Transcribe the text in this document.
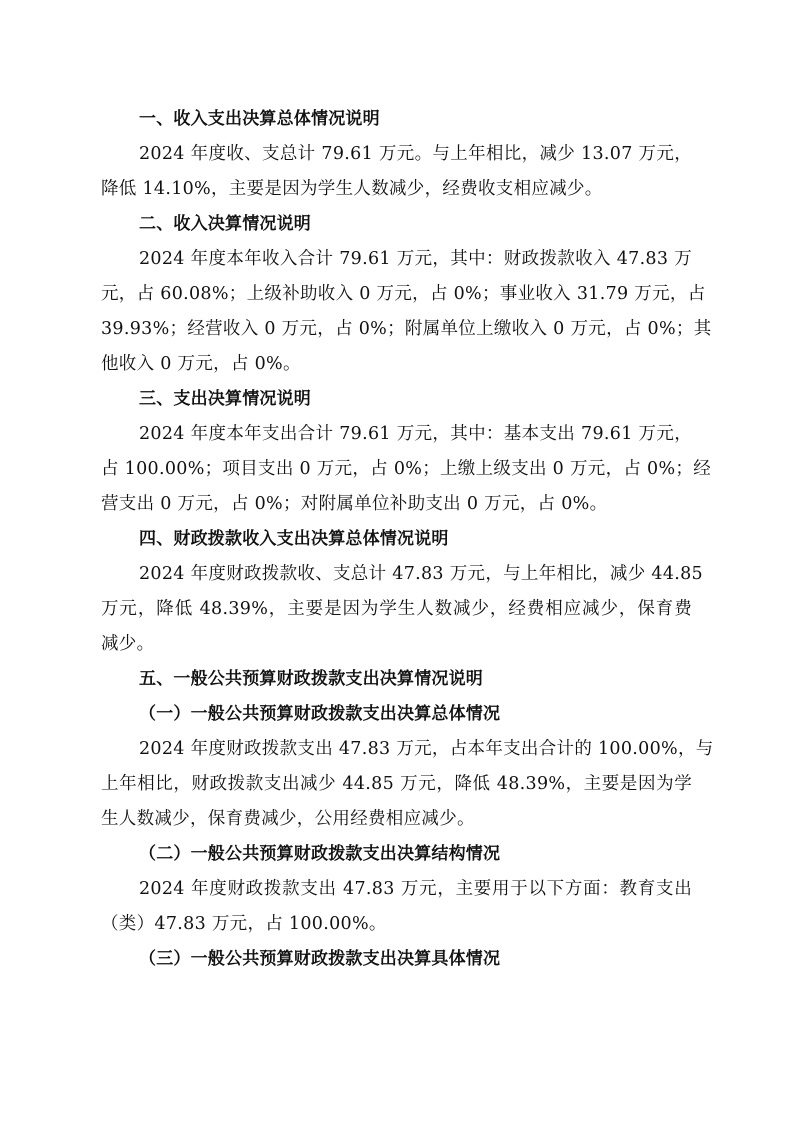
一、收入支出决算总体情况说明
2024 年度收、支总计 79.61 万元。与上年相比，减少 13.07 万元，
降低 14.10%，主要是因为学生人数减少，经费收支相应减少。
二、收入决算情况说明
2024 年度本年收入合计 79.61 万元，其中：财政拨款收入 47.83 万
元，占 60.08%；上级补助收入 0 万元，占 0%；事业收入 31.79 万元，占
39.93%；经营收入 0 万元，占 0%；附属单位上缴收入 0 万元，占 0%；其
他收入 0 万元，占 0%。
三、支出决算情况说明
2024 年度本年支出合计 79.61 万元，其中：基本支出 79.61 万元，
占 100.00%；项目支出 0 万元，占 0%；上缴上级支出 0 万元，占 0%；经
营支出 0 万元，占 0%；对附属单位补助支出 0 万元，占 0%。
四、财政拨款收入支出决算总体情况说明
2024 年度财政拨款收、支总计 47.83 万元，与上年相比，减少 44.85
万元，降低 48.39%，主要是因为学生人数减少，经费相应减少，保育费
减少。
五、一般公共预算财政拨款支出决算情况说明
（一）一般公共预算财政拨款支出决算总体情况
2024 年度财政拨款支出 47.83 万元，占本年支出合计的 100.00%，与
上年相比，财政拨款支出减少 44.85 万元，降低 48.39%，主要是因为学
生人数减少，保育费减少，公用经费相应减少。
（二）一般公共预算财政拨款支出决算结构情况
2024 年度财政拨款支出 47.83 万元，主要用于以下方面：教育支出
（类）47.83 万元，占 100.00%。
（三）一般公共预算财政拨款支出决算具体情况
